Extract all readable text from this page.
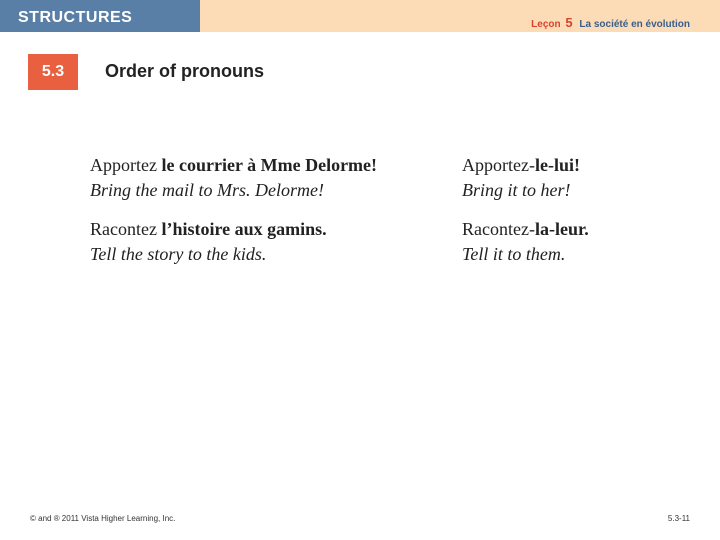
STRUCTURES	Leçon 5 La société en évolution
5.3	Order of pronouns
Apportez le courrier à Mme Delorme!
Bring the mail to Mrs. Delorme!
Apportez-le-lui!
Bring it to her!
Racontez l’histoire aux gamins.
Tell the story to the kids.
Racontez-la-leur.
Tell it to them.
© and ® 2011 Vista Higher Learning, Inc.	5.3-11
